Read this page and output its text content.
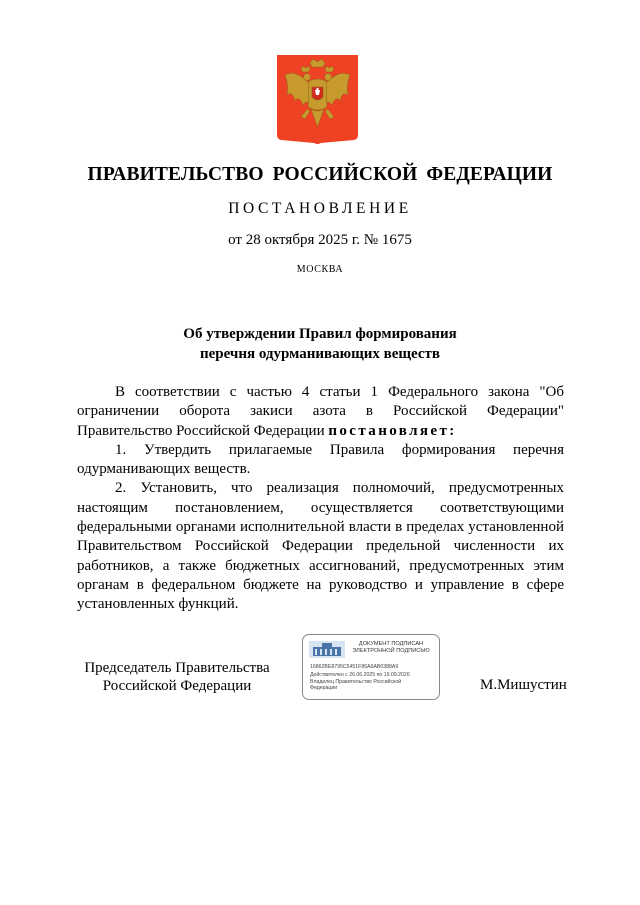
ПРАВИТЕЛЬСТВО РОССИЙСКОЙ ФЕДЕРАЦИИ
ПОСТАНОВЛЕНИЕ
от 28 октября 2025 г. № 1675
МОСКВА
Об утверждении Правил формирования
перечня одурманивающих веществ

В соответствии с частью 4 статьи 1 Федерального закона "Об ограничении оборота закиси азота в Российской Федерации" Правительство Российской Федерации постановляет:

1. Утвердить прилагаемые Правила формирования перечня одурманивающих веществ.

2. Установить, что реализация полномочий, предусмотренных настоящим постановлением, осуществляется соответствующими федеральными органами исполнительной власти в пределах установленной Правительством Российской Федерации предельной численности их работников, а также бюджетных ассигнований, предусмотренных этим органам в федеральном бюджете на руководство и управление в сфере установленных функций.

Председатель Правительства
Российской Федерации
ДОКУМЕНТ ПОДПИСАН
ЭЛЕКТРОННОЙ ПОДПИСЬЮ
16862BE8795C5451F86A6AB0388A9
Действителен с 26.06.2025 по 19.09.2026
Владелец Правительство Российской
Федерации	М.Мишустин
